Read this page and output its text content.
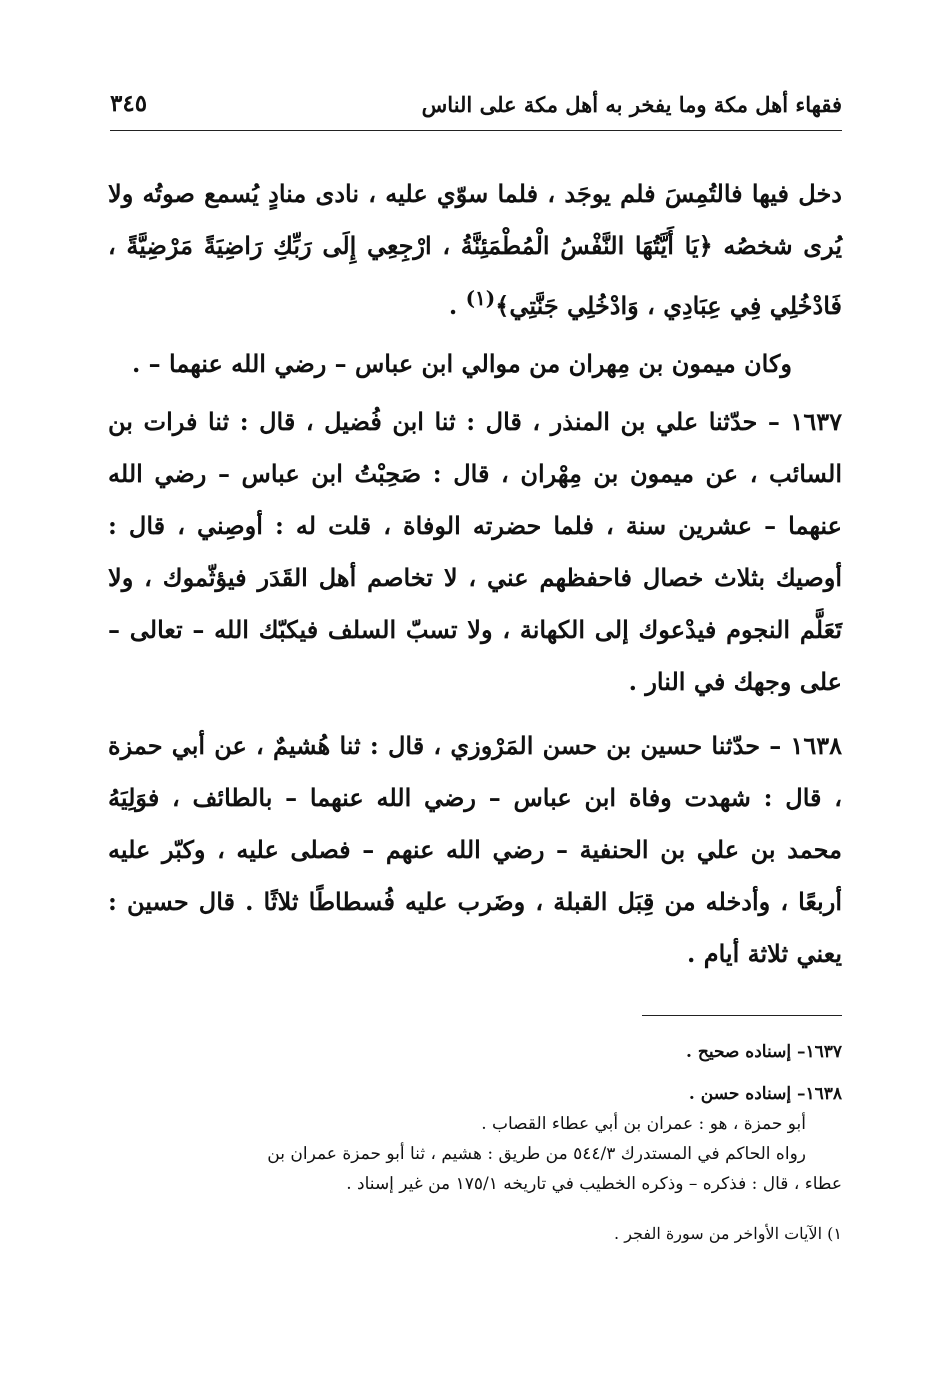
فقهاء أهل مكة وما يفخر به أهل مكة على الناس
٣٤٥

دخل فيها فالتُمِسَ فلم يوجَد ، فلما سوّي عليه ، نادى منادٍ يُسمع صوتُه ولا يُرى شخصُه ﴿يَا أَيَّتُهَا النَّفْسُ الْمُطْمَئِنَّةُ ، ارْجِعِي إِلَى رَبِّكِ رَاضِيَةً مَرْضِيَّةً ، فَادْخُلِي فِي عِبَادِي ، وَادْخُلِي جَنَّتِي﴾$^{(١)}$ .

وكان ميمون بن مِهران من موالي ابن عباس – رضي الله عنهما – .

١٦٣٧ – حدّثنا علي بن المنذر ، قال : ثنا ابن فُضيل ، قال : ثنا فرات بن السائب ، عن ميمون بن مِهْران ، قال : صَحِبْتُ ابن عباس – رضي الله عنهما – عشرين سنة ، فلما حضرته الوفاة ، قلت له : أوصِني ، قال : أوصيك بثلاث خصال فاحفظهم عني ، لا تخاصم أهل القَدَر فيؤثّموك ، ولا تَعَلَّم النجوم فيدْعوك إلى الكهانة ، ولا تسبّ السلف فيكبّك الله – تعالى – على وجهك في النار .

١٦٣٨ – حدّثنا حسين بن حسن المَرْوزي ، قال : ثنا هُشيمٌ ، عن أبي حمزة ، قال : شهدت وفاة ابن عباس – رضي الله عنهما – بالطائف ، فوَلِيَهُ محمد بن علي بن الحنفية – رضي الله عنهم – فصلى عليه ، وكبّر عليه أربعًا ، وأدخله من قِبَل القبلة ، وضَرب عليه فُسطاطًا ثلاثًا . قال حسين : يعني ثلاثة أيام .

١٦٣٧– إسناده صحيح .
١٦٣٨– إسناده حسن .
أبو حمزة ، هو : عمران بن أبي عطاء القصاب .
رواه الحاكم في المستدرك ٥٤٤/٣ من طريق : هشيم ، ثنا أبو حمزة عمران بن
عطاء ، قال : فذكره – وذكره الخطيب في تاريخه ١٧٥/١ من غير إسناد .
١) الآيات الأواخر من سورة الفجر .
